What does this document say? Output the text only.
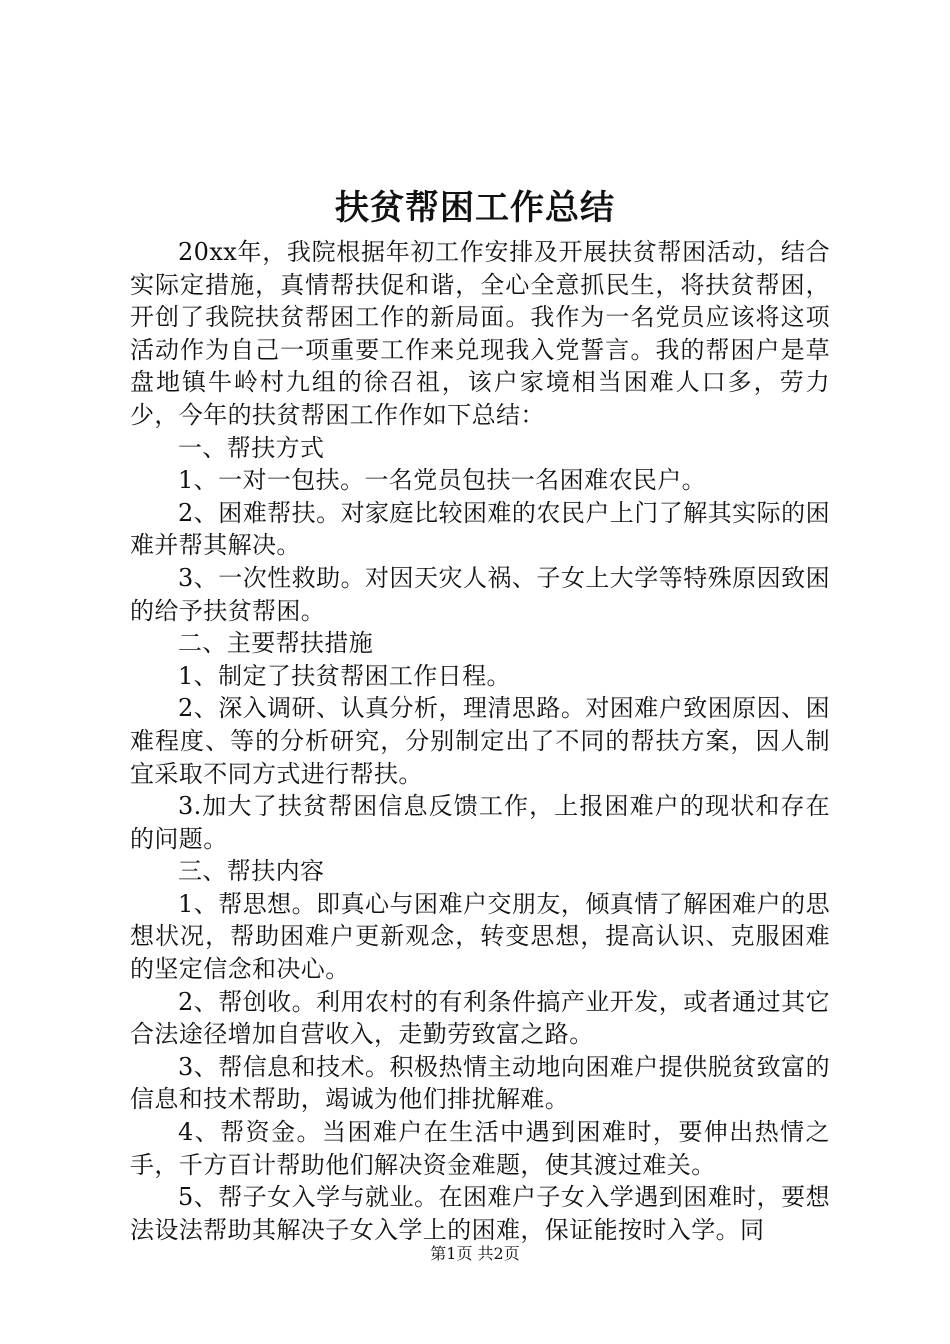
扶贫帮困工作总结

20xx年，我院根据年初工作安排及开展扶贫帮困活动，结合实际定措施，真情帮扶促和谐，全心全意抓民生，将扶贫帮困，开创了我院扶贫帮困工作的新局面。我作为一名党员应该将这项活动作为自己一项重要工作来兑现我入党誓言。我的帮困户是草盘地镇牛岭村九组的徐召祖，该户家境相当困难人口多，劳力少，今年的扶贫帮困工作作如下总结：

一、帮扶方式

1、一对一包扶。一名党员包扶一名困难农民户。

2、困难帮扶。对家庭比较困难的农民户上门了解其实际的困难并帮其解决。

3、一次性救助。对因天灾人祸、子女上大学等特殊原因致困的给予扶贫帮困。

二、主要帮扶措施

1、制定了扶贫帮困工作日程。

2、深入调研、认真分析，理清思路。对困难户致困原因、困难程度、等的分析研究，分别制定出了不同的帮扶方案，因人制宜采取不同方式进行帮扶。

3.加大了扶贫帮困信息反馈工作，上报困难户的现状和存在的问题。

三、帮扶内容

1、帮思想。即真心与困难户交朋友，倾真情了解困难户的思想状况，帮助困难户更新观念，转变思想，提高认识、克服困难的坚定信念和决心。

2、帮创收。利用农村的有利条件搞产业开发，或者通过其它合法途径增加自营收入，走勤劳致富之路。

3、帮信息和技术。积极热情主动地向困难户提供脱贫致富的信息和技术帮助，竭诚为他们排扰解难。

4、帮资金。当困难户在生活中遇到困难时，要伸出热情之手，千方百计帮助他们解决资金难题，使其渡过难关。

5、帮子女入学与就业。在困难户子女入学遇到困难时，要想法设法帮助其解决子女入学上的困难，保证能按时入学。同

第1页 共2页
